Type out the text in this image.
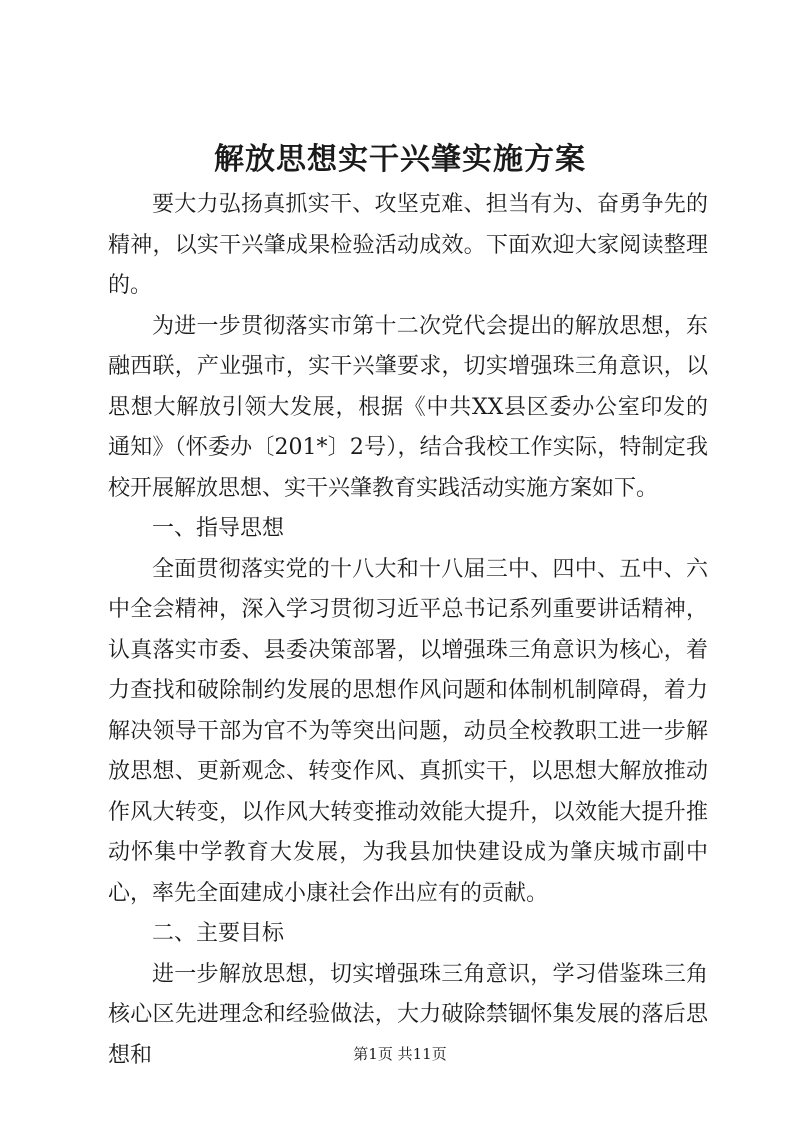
解放思想实干兴肇实施方案

要大力弘扬真抓实干、攻坚克难、担当有为、奋勇争先的精神，以实干兴肇成果检验活动成效。下面欢迎大家阅读整理的。

为进一步贯彻落实市第十二次党代会提出的解放思想，东融西联，产业强市，实干兴肇要求，切实增强珠三角意识，以思想大解放引领大发展，根据《中共XX县区委办公室印发的通知》（怀委办〔201*〕2号），结合我校工作实际，特制定我校开展解放思想、实干兴肇教育实践活动实施方案如下。

一、指导思想

全面贯彻落实党的十八大和十八届三中、四中、五中、六中全会精神，深入学习贯彻习近平总书记系列重要讲话精神，认真落实市委、县委决策部署，以增强珠三角意识为核心，着力查找和破除制约发展的思想作风问题和体制机制障碍，着力解决领导干部为官不为等突出问题，动员全校教职工进一步解放思想、更新观念、转变作风、真抓实干，以思想大解放推动作风大转变，以作风大转变推动效能大提升，以效能大提升推动怀集中学教育大发展，为我县加快建设成为肇庆城市副中心，率先全面建成小康社会作出应有的贡献。

二、主要目标

进一步解放思想，切实增强珠三角意识，学习借鉴珠三角核心区先进理念和经验做法，大力破除禁锢怀集发展的落后思想和	第1页 共11页
